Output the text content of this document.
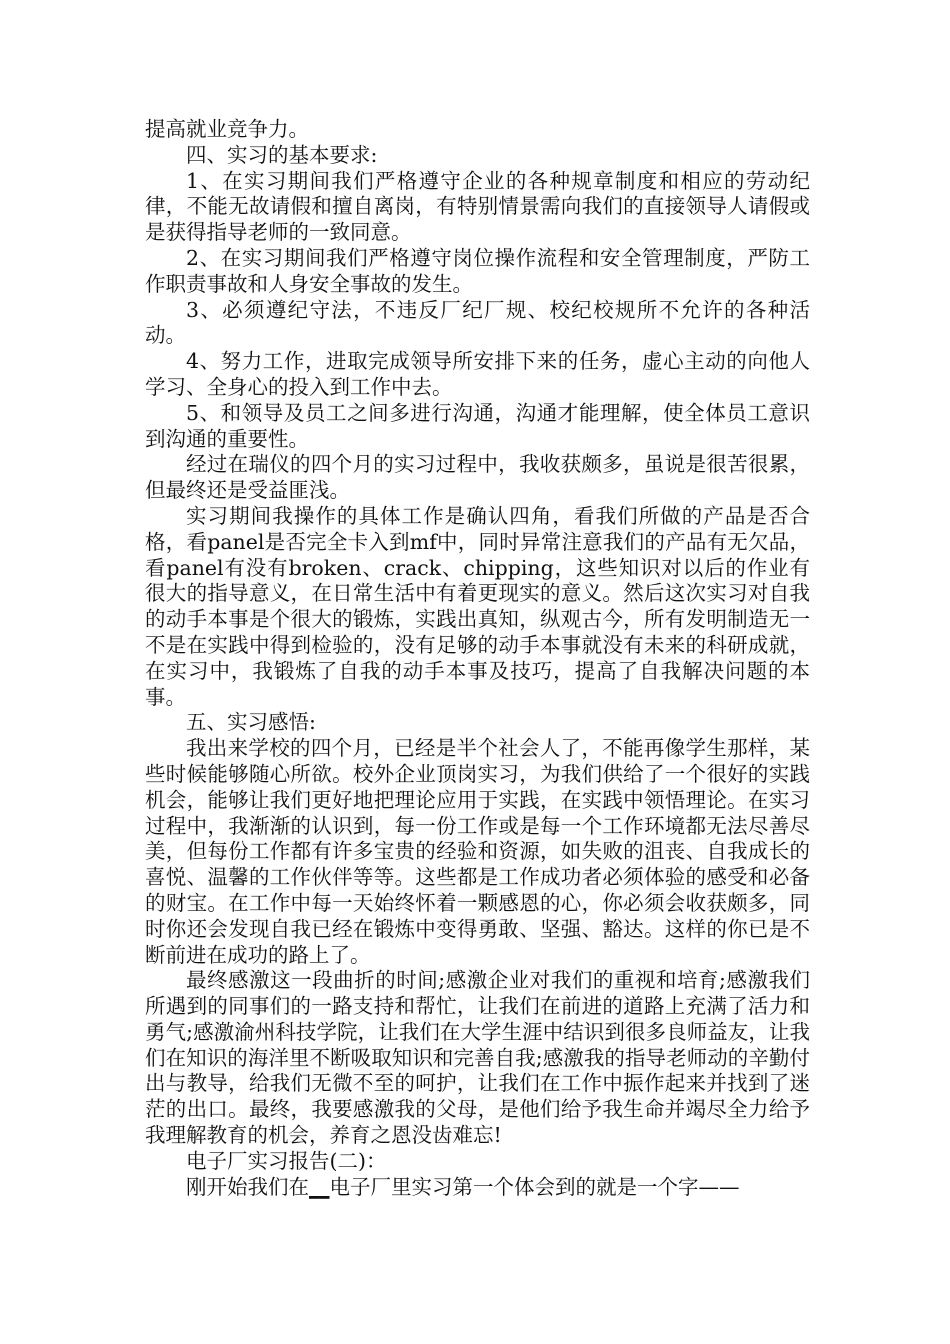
提高就业竞争力。

四、实习的基本要求:

1、在实习期间我们严格遵守企业的各种规章制度和相应的劳动纪律，不能无故请假和擅自离岗，有特别情景需向我们的直接领导人请假或是获得指导老师的一致同意。

2、在实习期间我们严格遵守岗位操作流程和安全管理制度，严防工作职责事故和人身安全事故的发生。

3、必须遵纪守法，不违反厂纪厂规、校纪校规所不允许的各种活动。

4、努力工作，进取完成领导所安排下来的任务，虚心主动的向他人学习、全身心的投入到工作中去。

5、和领导及员工之间多进行沟通，沟通才能理解，使全体员工意识到沟通的重要性。

经过在瑞仪的四个月的实习过程中，我收获颇多，虽说是很苦很累，但最终还是受益匪浅。

实习期间我操作的具体工作是确认四角，看我们所做的产品是否合格，看panel是否完全卡入到mf中，同时异常注意我们的产品有无欠品，看panel有没有broken、crack、chipping，这些知识对以后的作业有很大的指导意义，在日常生活中有着更现实的意义。然后这次实习对自我的动手本事是个很大的锻炼，实践出真知，纵观古今，所有发明制造无一不是在实践中得到检验的，没有足够的动手本事就没有未来的科研成就，在实习中，我锻炼了自我的动手本事及技巧，提高了自我解决问题的本事。

五、实习感悟:

我出来学校的四个月，已经是半个社会人了，不能再像学生那样，某些时候能够随心所欲。校外企业顶岗实习，为我们供给了一个很好的实践机会，能够让我们更好地把理论应用于实践，在实践中领悟理论。在实习过程中，我渐渐的认识到，每一份工作或是每一个工作环境都无法尽善尽美，但每份工作都有许多宝贵的经验和资源，如失败的沮丧、自我成长的喜悦、温馨的工作伙伴等等。这些都是工作成功者必须体验的感受和必备的财宝。在工作中每一天始终怀着一颗感恩的心，你必须会收获颇多，同时你还会发现自我已经在锻炼中变得勇敢、坚强、豁达。这样的你已是不断前进在成功的路上了。

最终感激这一段曲折的时间;感激企业对我们的重视和培育;感激我们所遇到的同事们的一路支持和帮忙，让我们在前进的道路上充满了活力和勇气;感激渝州科技学院，让我们在大学生涯中结识到很多良师益友，让我们在知识的海洋里不断吸取知识和完善自我;感激我的指导老师动的辛勤付出与教导，给我们无微不至的呵护，让我们在工作中振作起来并找到了迷茫的出口。最终，我要感激我的父母，是他们给予我生命并竭尽全力给予我理解教育的机会，养育之恩没齿难忘!

电子厂实习报告(二)：

刚开始我们在__电子厂里实习第一个体会到的就是一个字——
